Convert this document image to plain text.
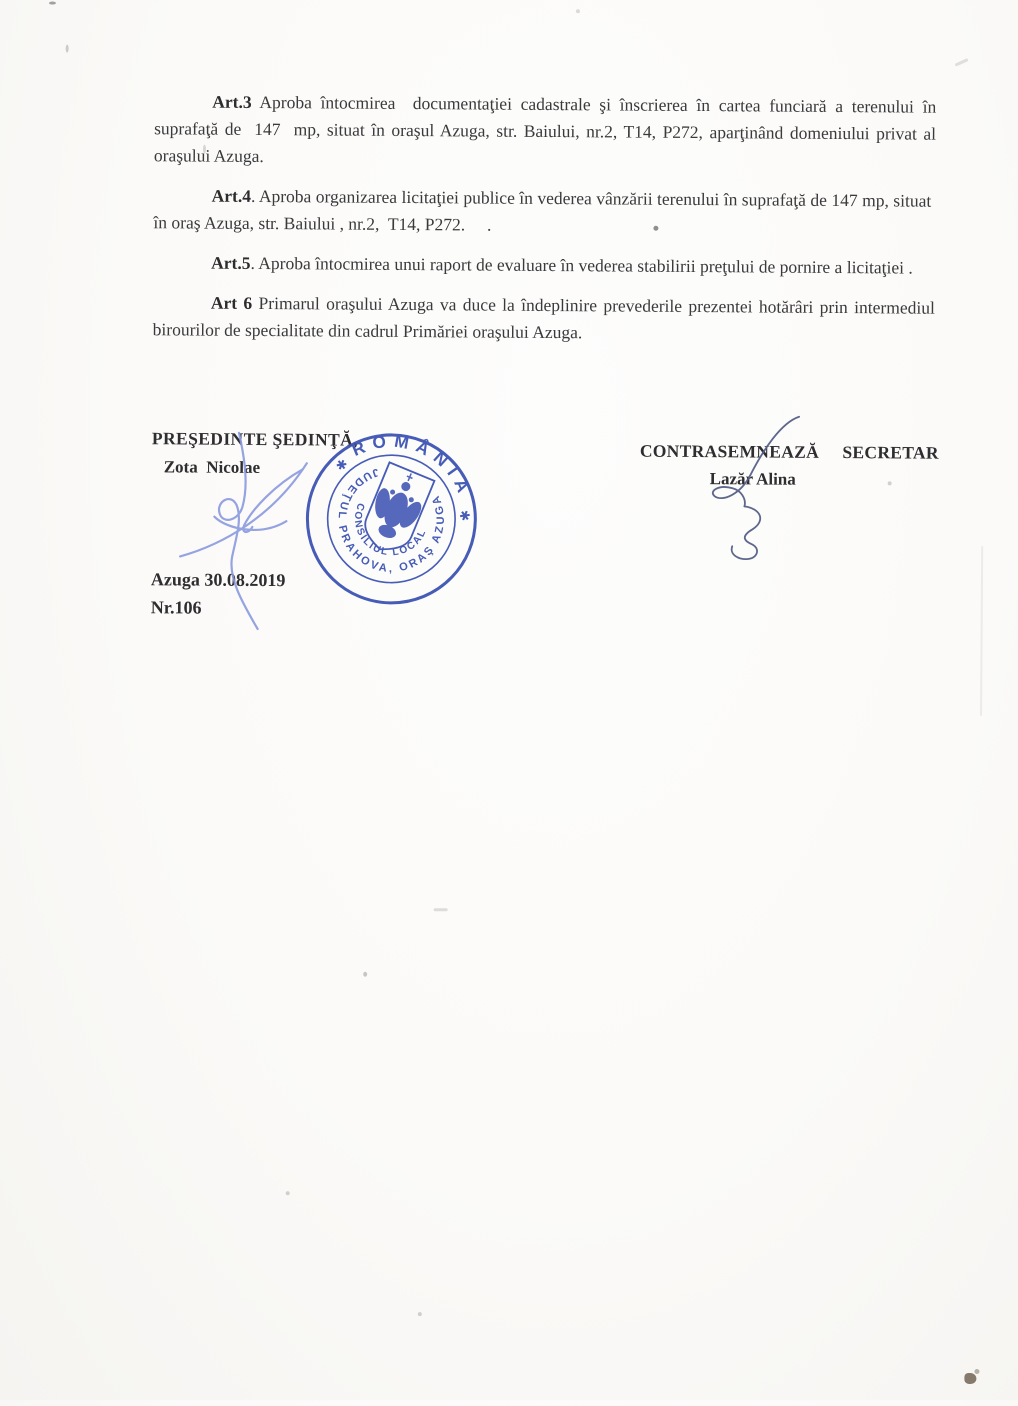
Art.3 Aproba întocmirea  documentaţiei cadastrale şi înscrierea în cartea funciară a terenului în suprafaţă de  147  mp, situat în oraşul Azuga, str. Baiului, nr.2, T14, P272, aparţinând domeniului privat al oraşului Azuga.

Art.4. Aproba organizarea licitaţiei publice în vederea vânzării terenului în suprafaţă de 147 mp, situat  în oraş Azuga, str. Baiului , nr.2,  T14, P272.     .

Art.5. Aproba întocmirea unui raport de evaluare în vederea stabilirii preţului de pornire a licitaţiei .

Art 6 Primarul oraşului Azuga va duce la îndeplinire prevederile prezentei hotărâri prin intermediul birourilor de specialitate din cadrul Primăriei oraşului Azuga.

PREŞEDINTE ŞEDINŢĂ,
Zota  Nicolae
CONTRASEMNEAZĂ  SECRETAR
Lazăr Alina
Azuga 30.08.2019
Nr.106
ROMÂNIA
JUDEŢUL PRAHOVA, ORAŞ AZUGA
CONSILIUL LOCAL
✱
✱
